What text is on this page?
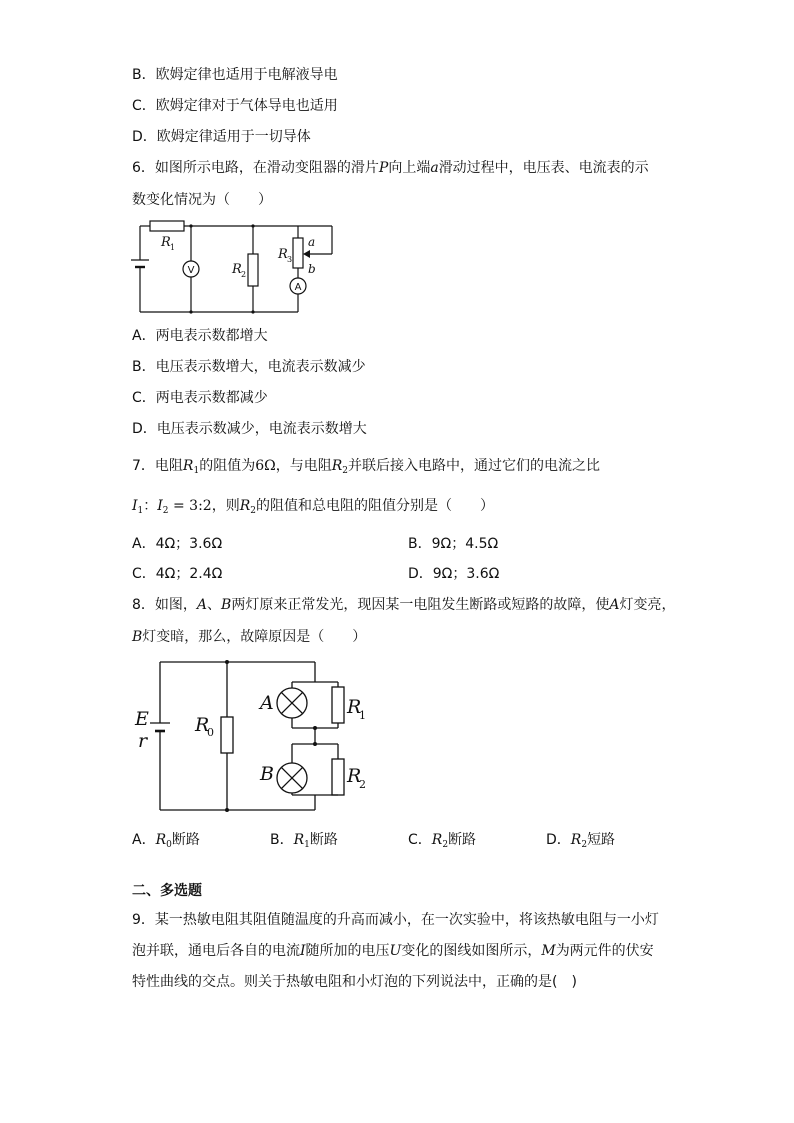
B．欧姆定律也适用于电解液导电
C．欧姆定律对于气体导电也适用
D．欧姆定律适用于一切导体
6．如图所示电路，在滑动变阻器的滑片P向上端a滑动过程中，电压表、电流表的示
数变化情况为（　　）
R 1
R 2
R 3
a
b
V
A
A．两电表示数都增大
B．电压表示数增大，电流表示数减少
C．两电表示数都减少
D．电压表示数减少，电流表示数增大
7．电阻$R_1$的阻值为6Ω，与电阻$R_2$并联后接入电路中，通过它们的电流之比
$I_1$：$I_2$ = 3:2，则$R_2$的阻值和总电阻的阻值分别是（　　）
A．4Ω；3.6Ω	B．9Ω；4.5Ω
C．4Ω；2.4Ω	D．9Ω；3.6Ω
8．如图，A、B两灯原来正常发光，现因某一电阻发生断路或短路的故障，使A灯变亮，
B灯变暗，那么，故障原因是（　　）
E
r
R
0
A
B
R
1
R
2
A．$R_0$断路	B．$R_1$断路	C．$R_2$断路	D．$R_2$短路
二、多选题
9．某一热敏电阻其阻值随温度的升高而减小，在一次实验中，将该热敏电阻与一小灯
泡并联，通电后各自的电流I随所加的电压U变化的图线如图所示，M为两元件的伏安
特性曲线的交点。则关于热敏电阻和小灯泡的下列说法中，正确的是(　)
